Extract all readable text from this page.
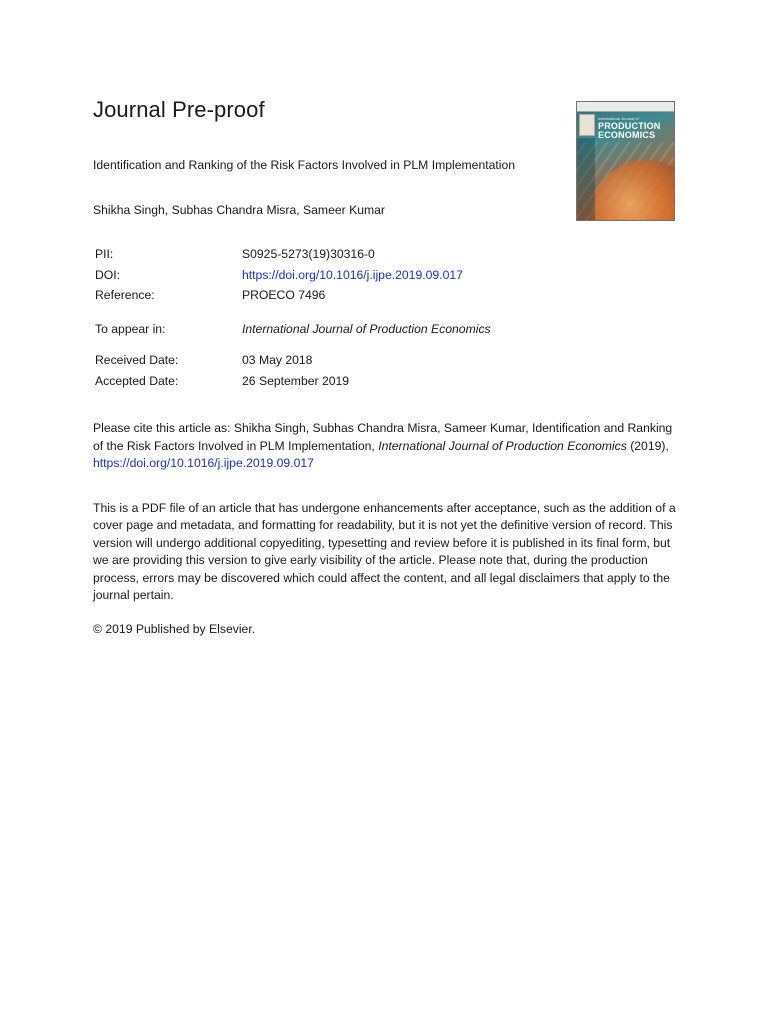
Journal Pre-proof

Identification and Ranking of the Risk Factors Involved in PLM Implementation

Shikha Singh, Subhas Chandra Misra, Sameer Kumar

International Journal of
PRODUCTION
ECONOMICS
PII:	S0925-5273(19)30316-0
DOI:	https://doi.org/10.1016/j.ijpe.2019.09.017
Reference:	PROECO 7496
To appear in:	International Journal of Production Economics
Received Date:	03 May 2018
Accepted Date:	26 September 2019

Please cite this article as: Shikha Singh, Subhas Chandra Misra, Sameer Kumar, Identification and Ranking of the Risk Factors Involved in PLM Implementation, International Journal of Production Economics (2019), https://doi.org/10.1016/j.ijpe.2019.09.017

This is a PDF file of an article that has undergone enhancements after acceptance, such as the addition of a cover page and metadata, and formatting for readability, but it is not yet the definitive version of record. This version will undergo additional copyediting, typesetting and review before it is published in its final form, but we are providing this version to give early visibility of the article. Please note that, during the production process, errors may be discovered which could affect the content, and all legal disclaimers that apply to the journal pertain.

© 2019 Published by Elsevier.
